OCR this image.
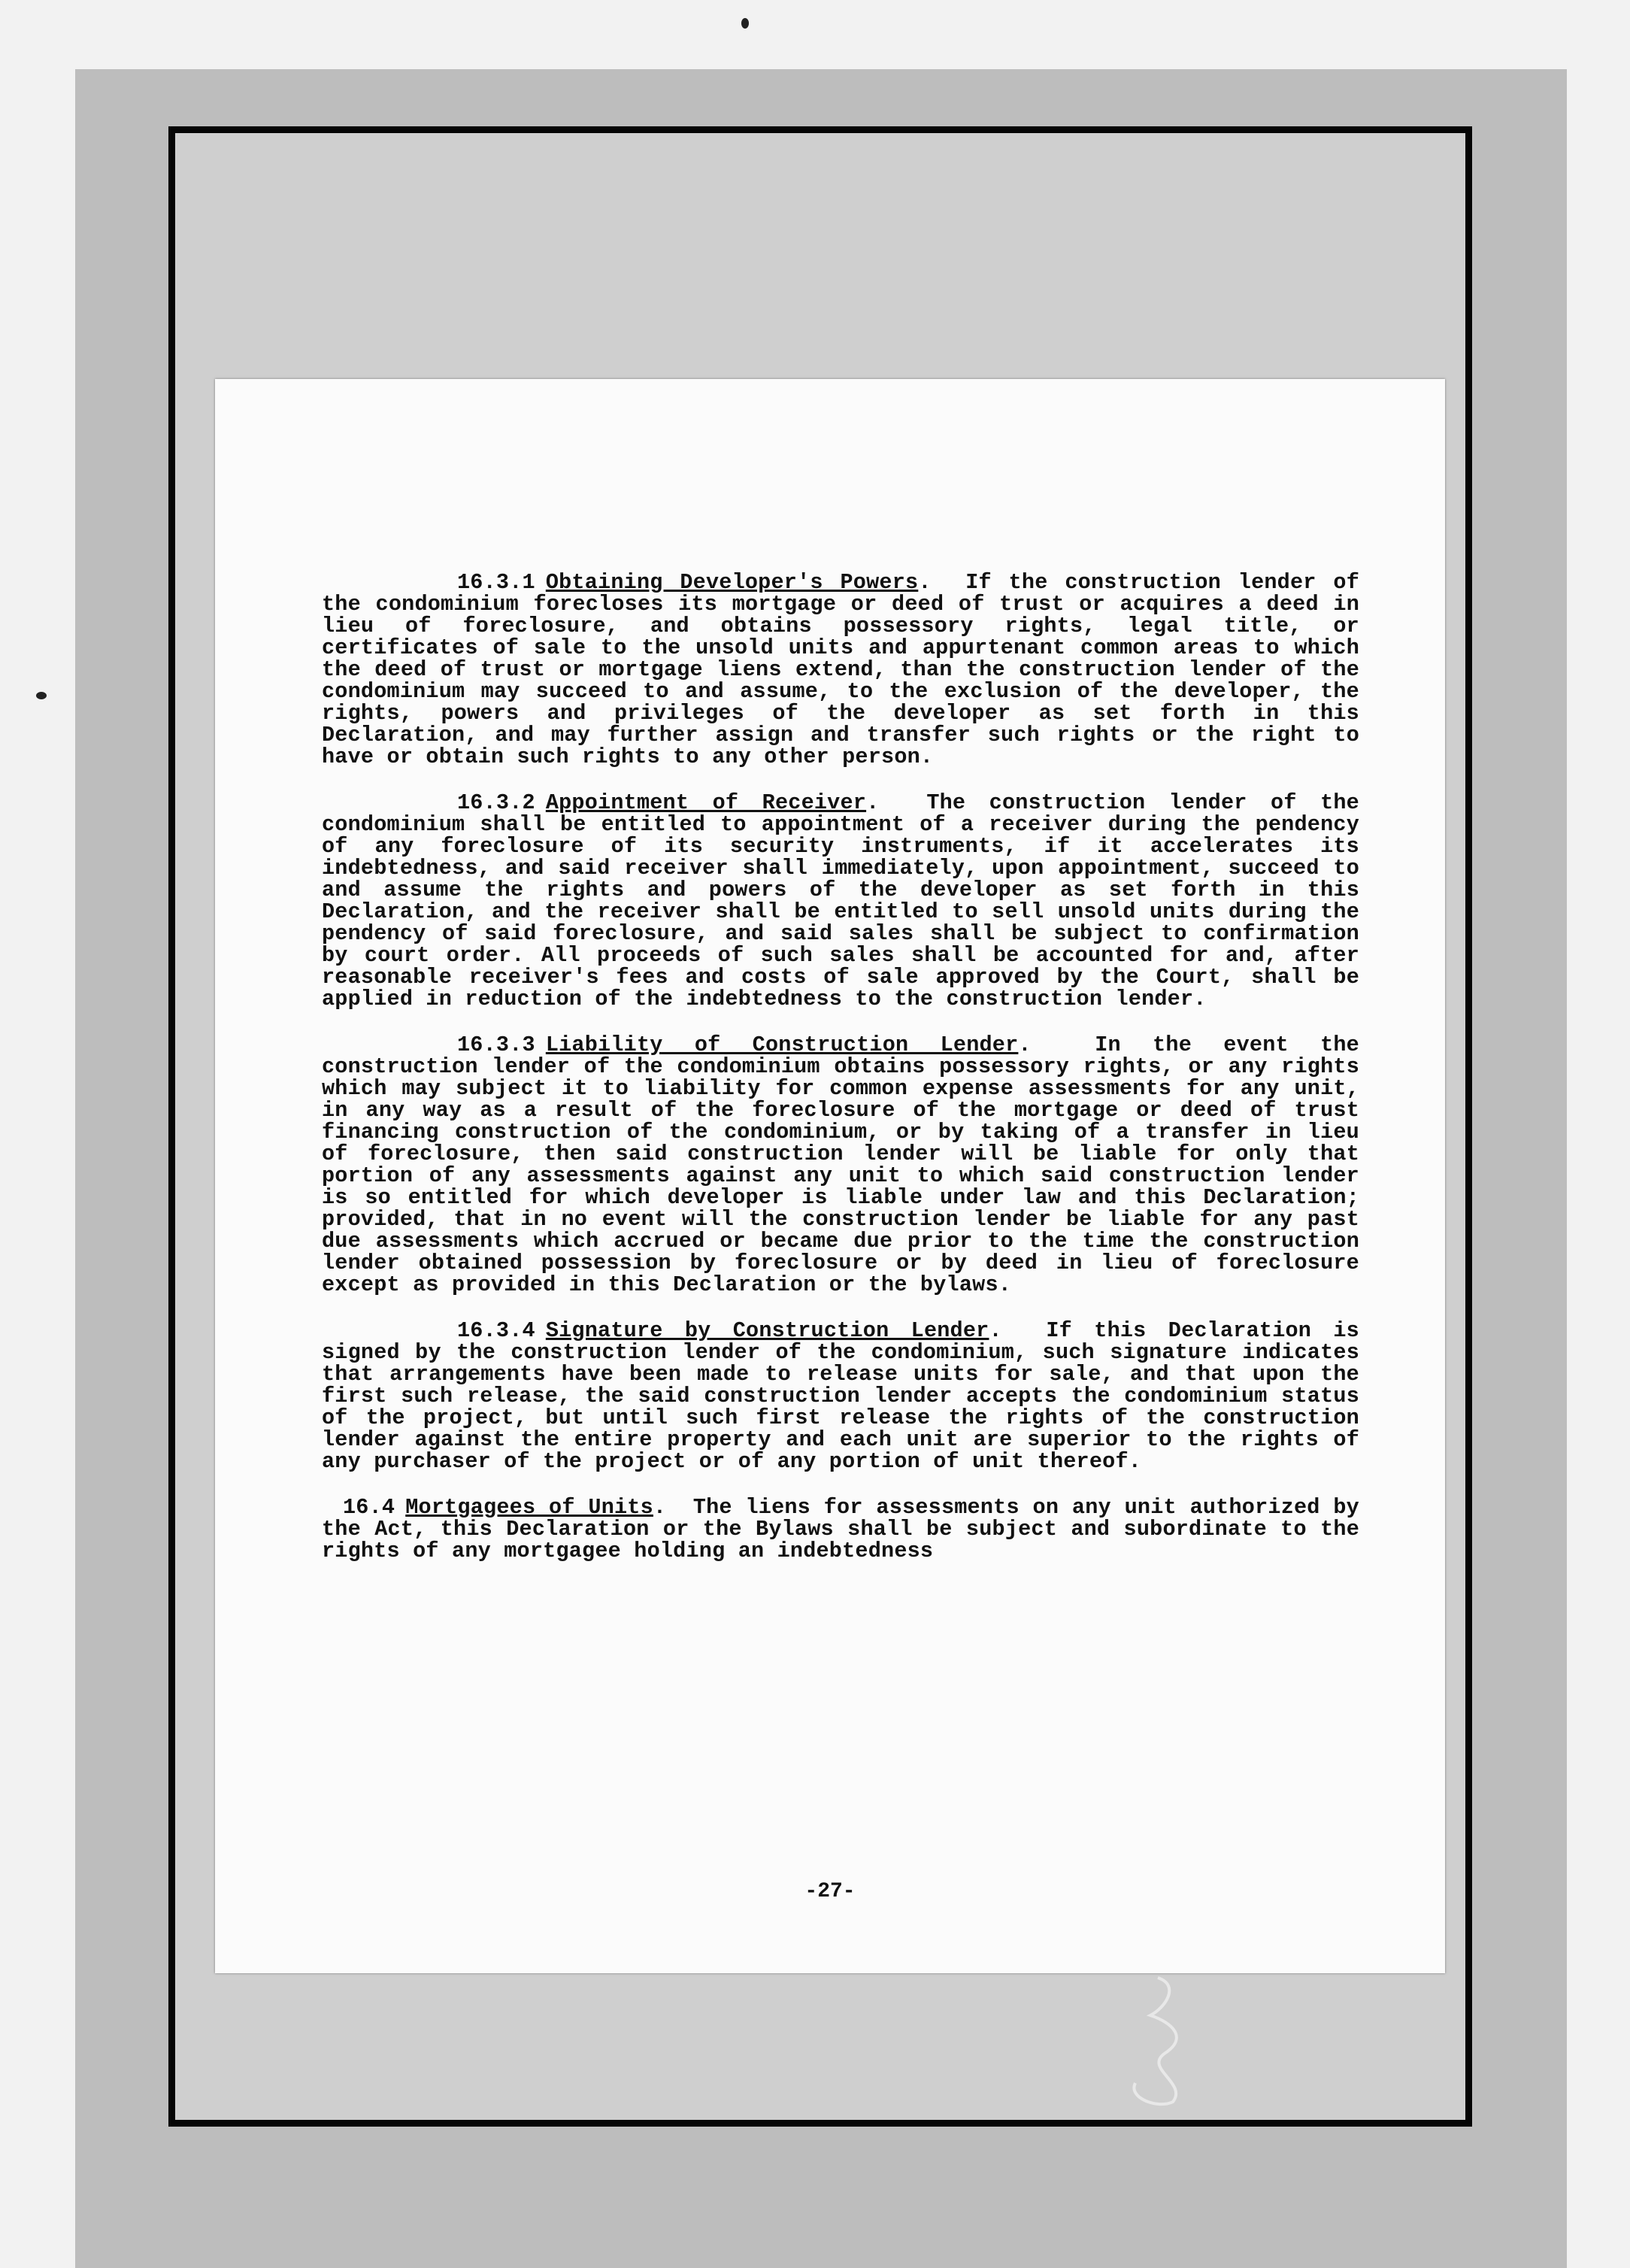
16.3.1 Obtaining Developer's Powers.  If the construction lender of the condominium forecloses its mortgage or deed of trust or acquires a deed in lieu of foreclosure, and obtains possessory rights, legal title, or certificates of sale to the unsold units and appurtenant common areas to which the deed of trust or mortgage liens extend, than the construction lender of the condominium may succeed to and assume, to the exclusion of the developer, the rights, powers and privileges of the developer as set forth in this Declaration, and may further assign and transfer such rights or the right to have or obtain such rights to any other person.

16.3.2 Appointment of Receiver.  The construction lender of the condominium shall be entitled to appointment of a receiver during the pendency of any foreclosure of its security instruments, if it accelerates its indebtedness, and said receiver shall immediately, upon appointment, succeed to and assume the rights and powers of the developer as set forth in this Declaration, and the receiver shall be entitled to sell unsold units during the pendency of said foreclosure, and said sales shall be subject to confirmation by court order. All proceeds of such sales shall be accounted for and, after reasonable receiver's fees and costs of sale approved by the Court, shall be applied in reduction of the indebtedness to the construction lender.

16.3.3 Liability of Construction Lender.  In the event the construction lender of the condominium obtains possessory rights, or any rights which may subject it to liability for common expense assessments for any unit, in any way as a result of the foreclosure of the mortgage or deed of trust financing construction of the condominium, or by taking of a transfer in lieu of foreclosure, then said construction lender will be liable for only that portion of any assessments against any unit to which said construction lender is so entitled for which developer is liable under law and this Declaration; provided, that in no event will the construction lender be liable for any past due assessments which accrued or became due prior to the time the construction lender obtained possession by foreclosure or by deed in lieu of foreclosure except as provided in this Declaration or the bylaws.

16.3.4 Signature by Construction Lender.  If this Declaration is signed by the construction lender of the condominium, such signature indicates that arrangements have been made to release units for sale, and that upon the first such release, the said construction lender accepts the condominium status of the project, but until such first release the rights of the construction lender against the entire property and each unit are superior to the rights of any purchaser of the project or of any portion of unit thereof.

16.4 Mortgagees of Units.  The liens for assessments on any unit authorized by the Act, this Declaration or the Bylaws shall be subject and subordinate to the rights of any mortgagee holding an indebtedness

-27-
